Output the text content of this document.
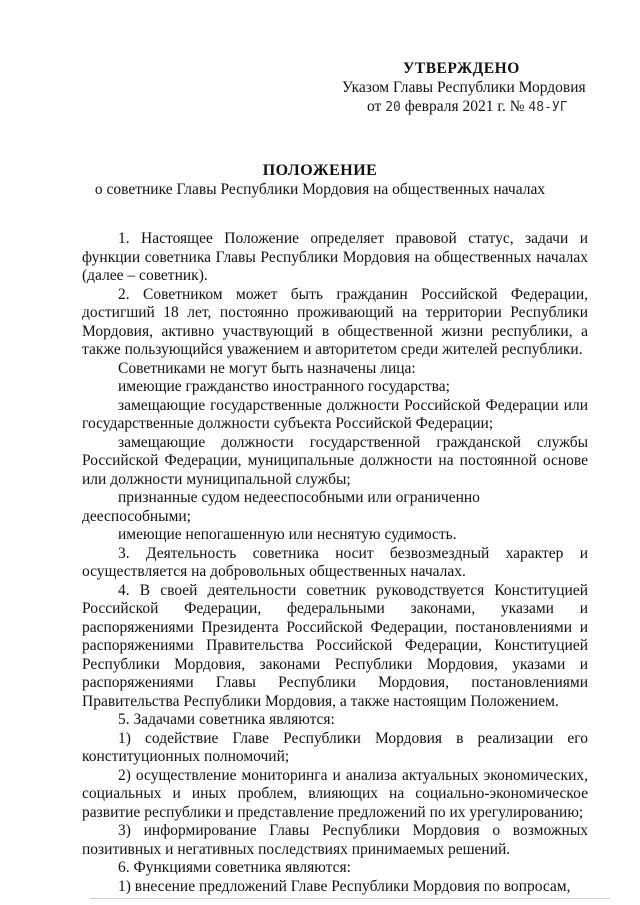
УТВЕРЖДЕНО
Указом Главы Республики Мордовия
от 20 февраля 2021 г. № 48-УГ
ПОЛОЖЕНИЕ
о советнике Главы Республики Мордовия на общественных началах

1. Настоящее Положение определяет правовой статус, задачи и функции советника Главы Республики Мордовия на общественных началах (далее – советник).

2. Советником может быть гражданин Российской Федерации, достигший 18 лет, постоянно проживающий на территории Республики Мордовия, активно участвующий в общественной жизни республики, а также пользующийся уважением и авторитетом среди жителей республики.

Советниками не могут быть назначены лица:

имеющие гражданство иностранного государства;

замещающие государственные должности Российской Федерации или государственные должности субъекта Российской Федерации;

замещающие должности государственной гражданской службы Российской Федерации, муниципальные должности на постоянной основе или должности муниципальной службы;

признанные судом недееспособными или ограниченно дееспособными;

имеющие непогашенную или неснятую судимость.

3. Деятельность советника носит безвозмездный характер и осуществляется на добровольных общественных началах.

4. В своей деятельности советник руководствуется Конституцией Российской Федерации, федеральными законами, указами и распоряжениями Президента Российской Федерации, постановлениями и распоряжениями Правительства Российской Федерации, Конституцией Республики Мордовия, законами Республики Мордовия, указами и распоряжениями Главы Республики Мордовия, постановлениями Правительства Республики Мордовия, а также настоящим Положением.

5. Задачами советника являются:

1) содействие Главе Республики Мордовия в реализации его конституционных полномочий;

2) осуществление мониторинга и анализа актуальных экономических, социальных и иных проблем, влияющих на социально-экономическое развитие республики и представление предложений по их урегулированию;

3) информирование Главы Республики Мордовия о возможных позитивных и негативных последствиях принимаемых решений.

6. Функциями советника являются:

1) внесение предложений Главе Республики Мордовия по вопросам,
